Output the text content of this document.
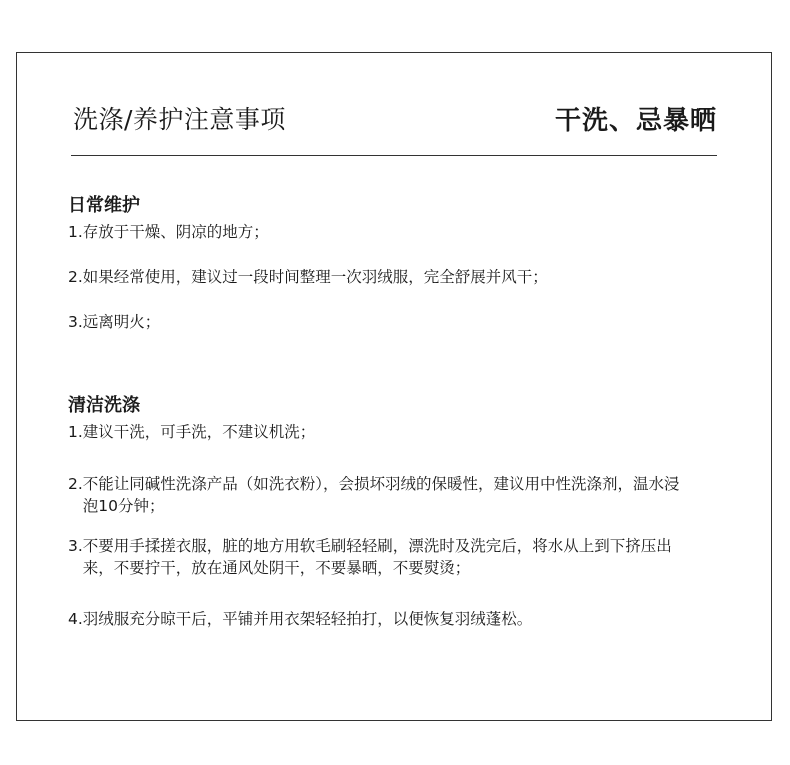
洗涤/养护注意事项	干洗、忌暴晒
日常维护

1. 存放于干燥、阴凉的地方；

2. 如果经常使用，建议过一段时间整理一次羽绒服，完全舒展并风干；

3. 远离明火；

清洁洗涤

1. 建议干洗，可手洗，不建议机洗；

2. 不能让同碱性洗涤产品（如洗衣粉），会损坏羽绒的保暖性，建议用中性洗涤剂，温水浸泡10分钟；

3. 不要用手揉搓衣服，脏的地方用软毛刷轻轻刷，漂洗时及洗完后，将水从上到下挤压出来，不要拧干，放在通风处阴干，不要暴晒，不要熨烫；

4. 羽绒服充分晾干后，平铺并用衣架轻轻拍打，以便恢复羽绒蓬松。
